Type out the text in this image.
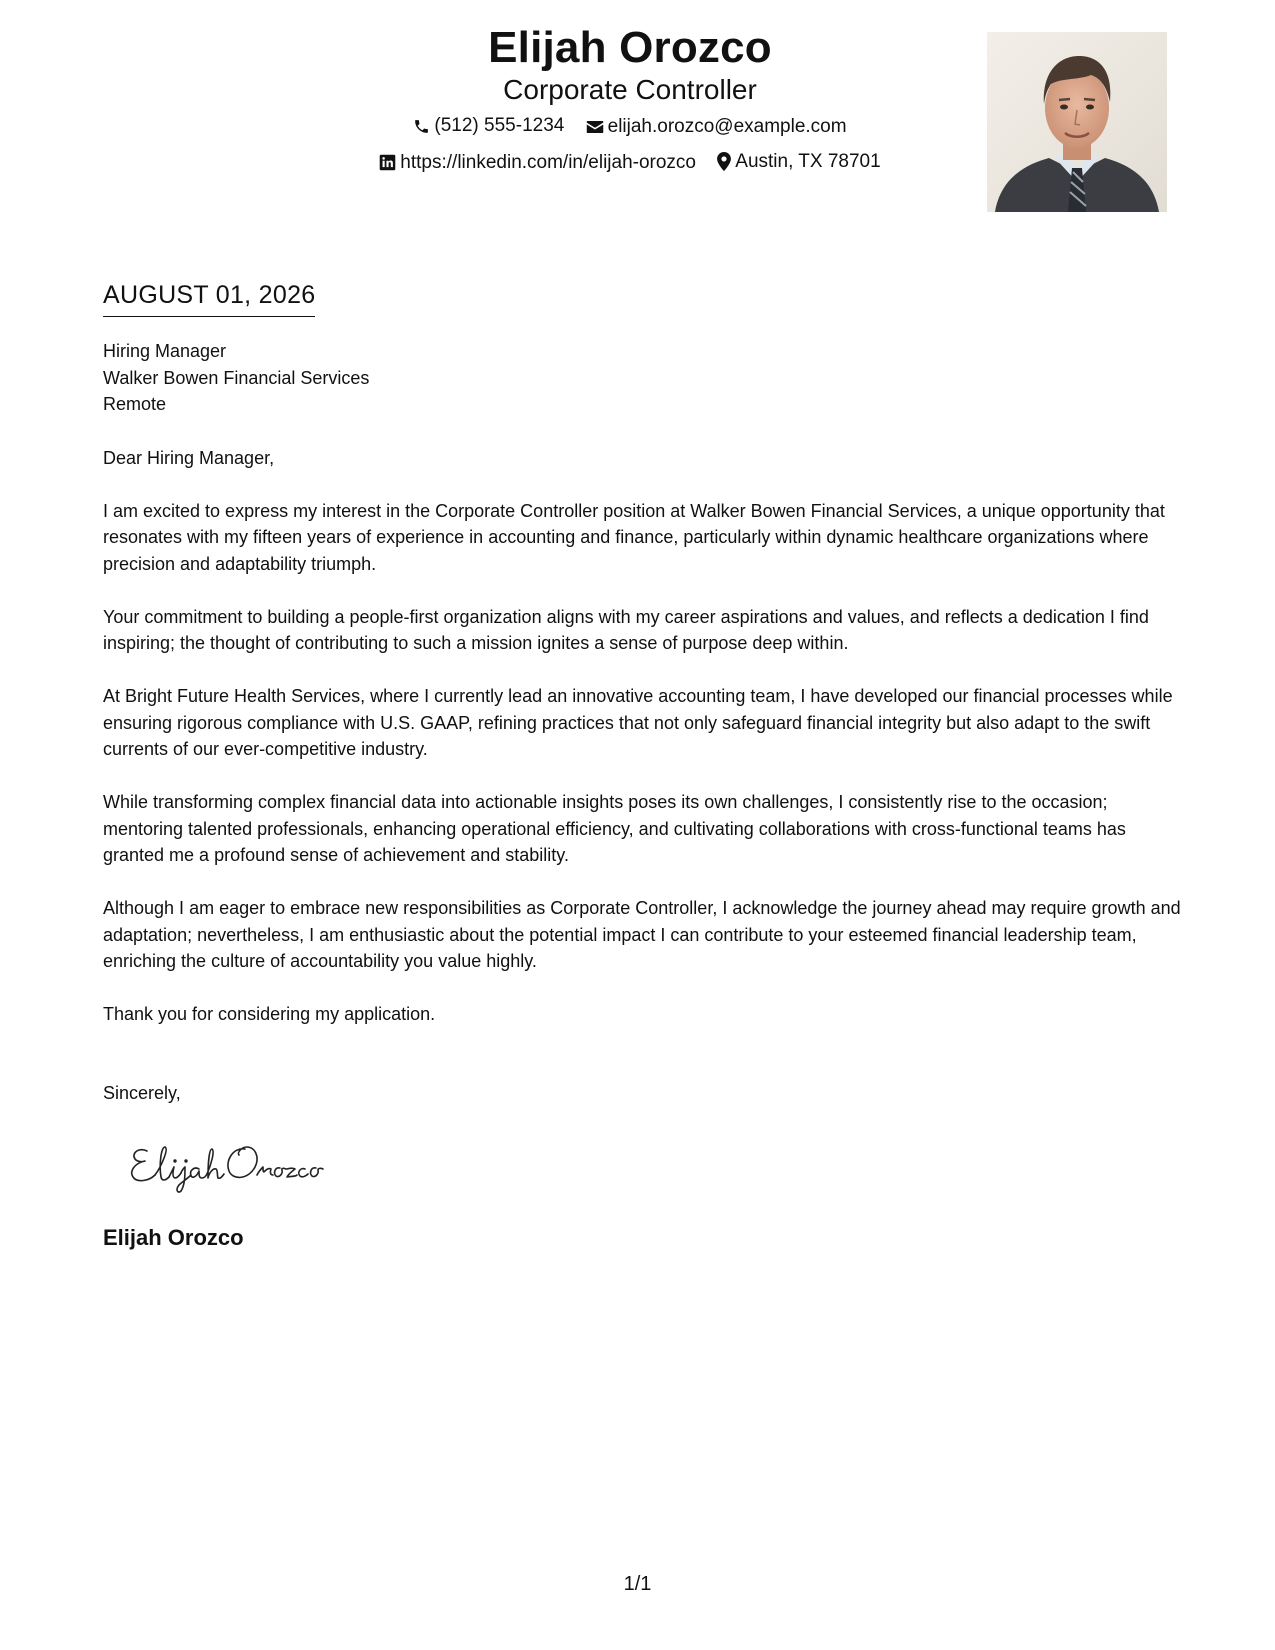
Elijah Orozco
Corporate Controller
(512) 555-1234
elijah.orozco@example.com
https://linkedin.com/in/elijah-orozco
Austin, TX 78701
AUGUST 01, 2026
Hiring Manager
Walker Bowen Financial Services
Remote

Dear Hiring Manager,

I am excited to express my interest in the Corporate Controller position at Walker Bowen Financial Services, a unique opportunity that resonates with my fifteen years of experience in accounting and finance, particularly within dynamic healthcare organizations where precision and adaptability triumph.

Your commitment to building a people-first organization aligns with my career aspirations and values, and reflects a dedication I find inspiring; the thought of contributing to such a mission ignites a sense of purpose deep within.

At Bright Future Health Services, where I currently lead an innovative accounting team, I have developed our financial processes while ensuring rigorous compliance with U.S. GAAP, refining practices that not only safeguard financial integrity but also adapt to the swift currents of our ever-competitive industry.

While transforming complex financial data into actionable insights poses its own challenges, I consistently rise to the occasion; mentoring talented professionals, enhancing operational efficiency, and cultivating collaborations with cross-functional teams has granted me a profound sense of achievement and stability.

Although I am eager to embrace new responsibilities as Corporate Controller, I acknowledge the journey ahead may require growth and adaptation; nevertheless, I am enthusiastic about the potential impact I can contribute to your esteemed financial leadership team, enriching the culture of accountability you value highly.

Thank you for considering my application.

Sincerely,
Elijah Orozco
1/1
